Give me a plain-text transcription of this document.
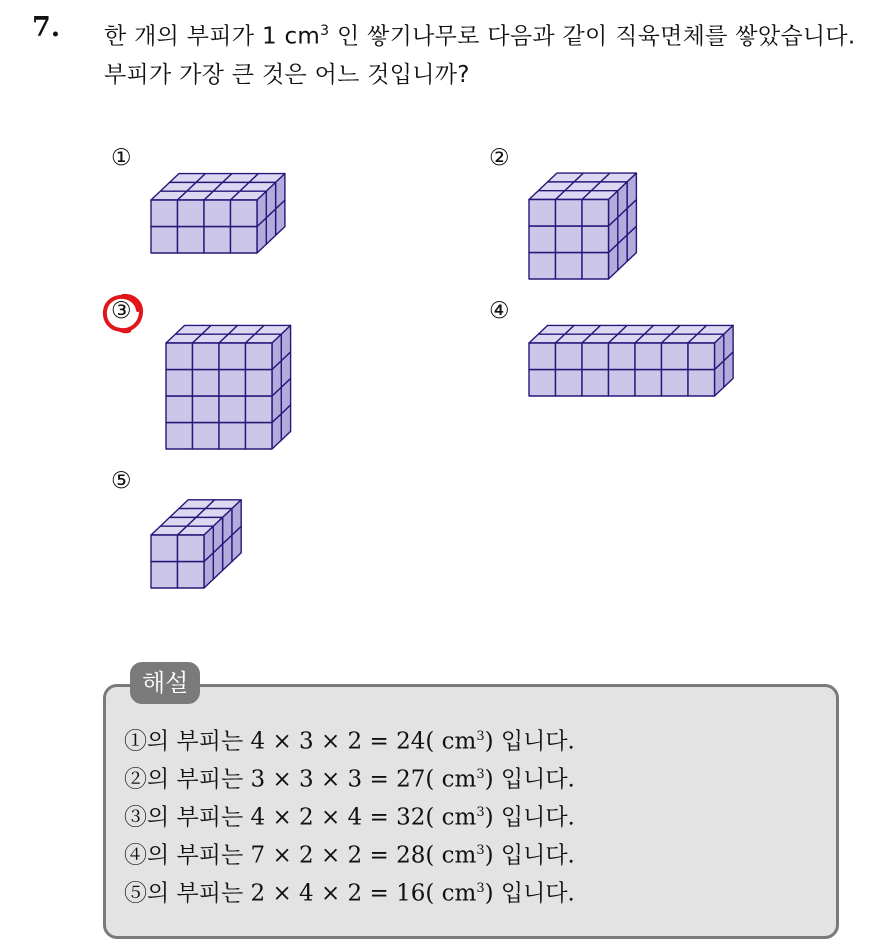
7. 한 개의 부피가 1 $cm^3$ 인 쌓기나무로 다음과 같이 직육면체를 쌓았습니다. 부피가 가장 큰 것은 어느 것입니까?
①	②
③	④
⑤
해설
①의 부피는 4 × 3 × 2 = 24( $cm^3$) 입니다.
②의 부피는 3 × 3 × 3 = 27( $cm^3$) 입니다.
③의 부피는 4 × 2 × 4 = 32( $cm^3$) 입니다.
④의 부피는 7 × 2 × 2 = 28( $cm^3$) 입니다.
⑤의 부피는 2 × 4 × 2 = 16( $cm^3$) 입니다.
